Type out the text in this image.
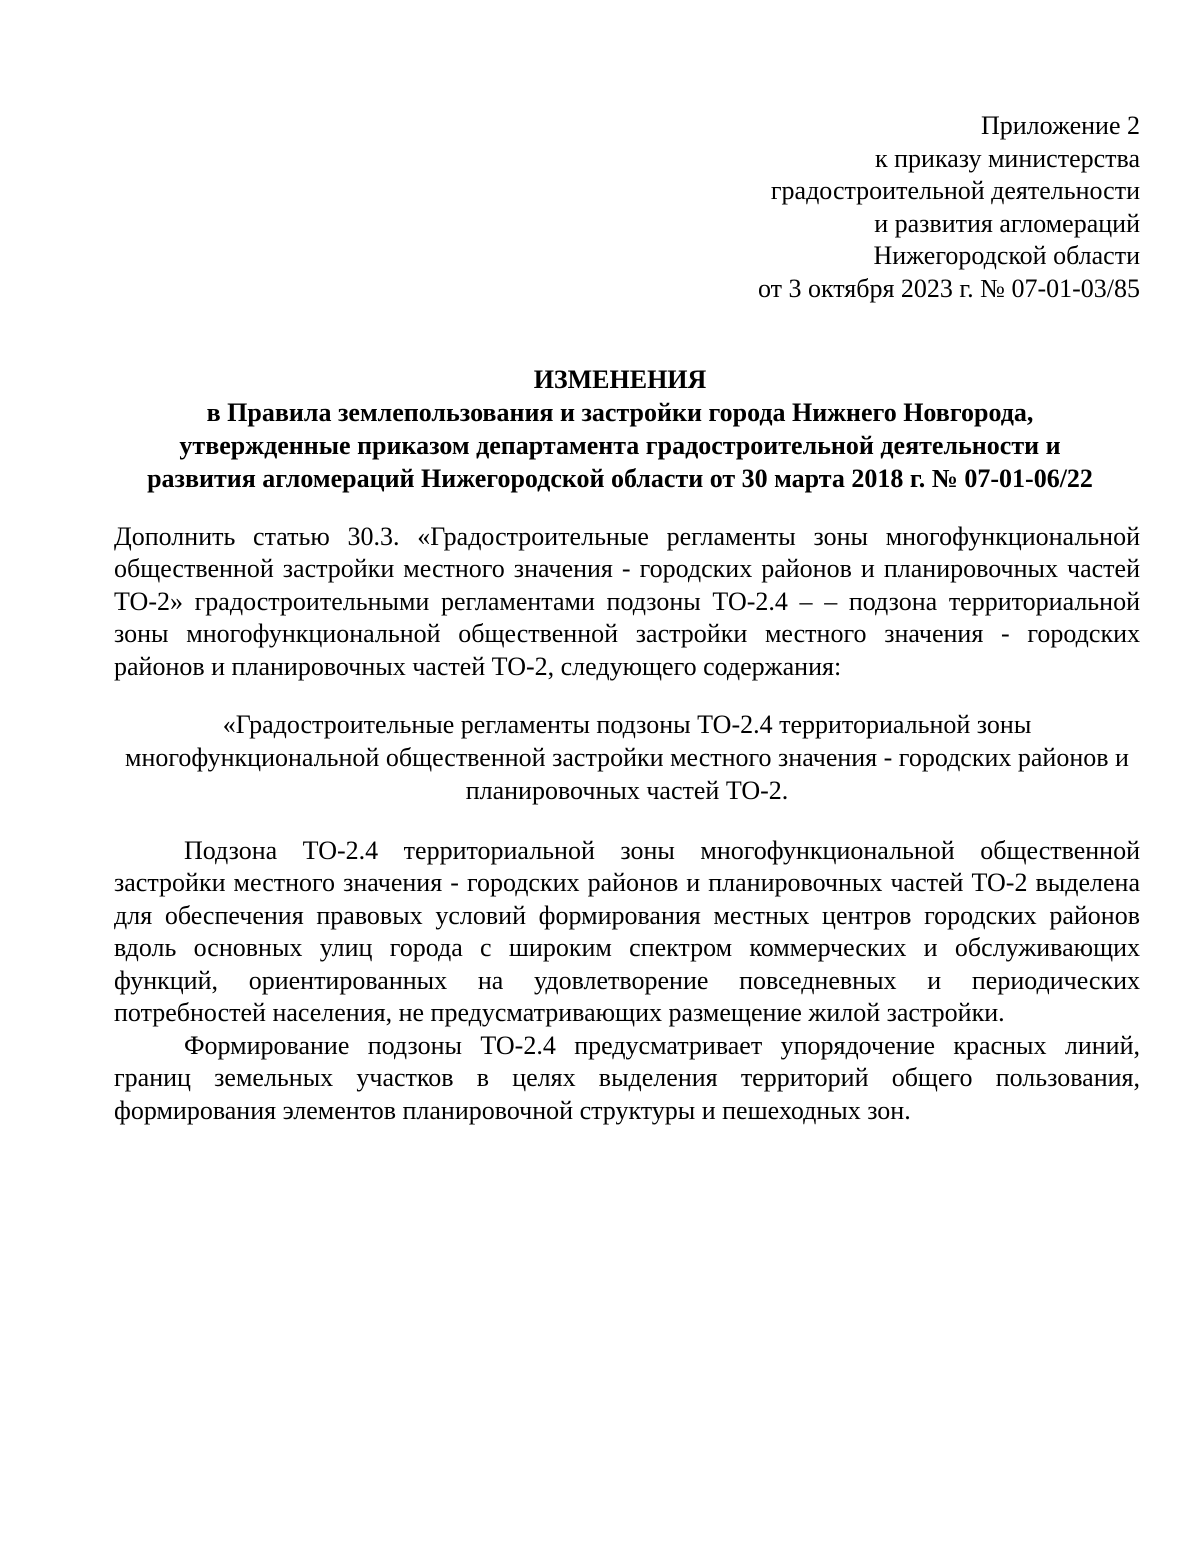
Приложение 2
к приказу министерства
градостроительной деятельности
и развития агломераций
Нижегородской области
от 3 октября 2023 г. № 07-01-03/85
ИЗМЕНЕНИЯ
в Правила землепользования и застройки города Нижнего Новгорода,
утвержденные приказом департамента градостроительной деятельности и
развития агломераций Нижегородской области от 30 марта 2018 г. № 07-01-06/22
Дополнить статью 30.3. «Градостроительные регламенты зоны многофункциональной общественной застройки местного значения - городских районов и планировочных частей ТО-2» градостроительными регламентами подзоны ТО-2.4 – – подзона территориальной зоны многофункциональной общественной застройки местного значения - городских районов и планировочных частей ТО-2, следующего содержания:
«Градостроительные регламенты подзоны ТО-2.4 территориальной зоны многофункциональной общественной застройки местного значения - городских районов и планировочных частей ТО-2.
Подзона ТО-2.4 территориальной зоны многофункциональной общественной застройки местного значения - городских районов и планировочных частей ТО-2 выделена для обеспечения правовых условий формирования местных центров городских районов вдоль основных улиц города с широким спектром коммерческих и обслуживающих функций, ориентированных на удовлетворение повседневных и периодических потребностей населения, не предусматривающих размещение жилой застройки.
Формирование подзоны ТО-2.4 предусматривает упорядочение красных линий, границ земельных участков в целях выделения территорий общего пользования, формирования элементов планировочной структуры и пешеходных зон.
